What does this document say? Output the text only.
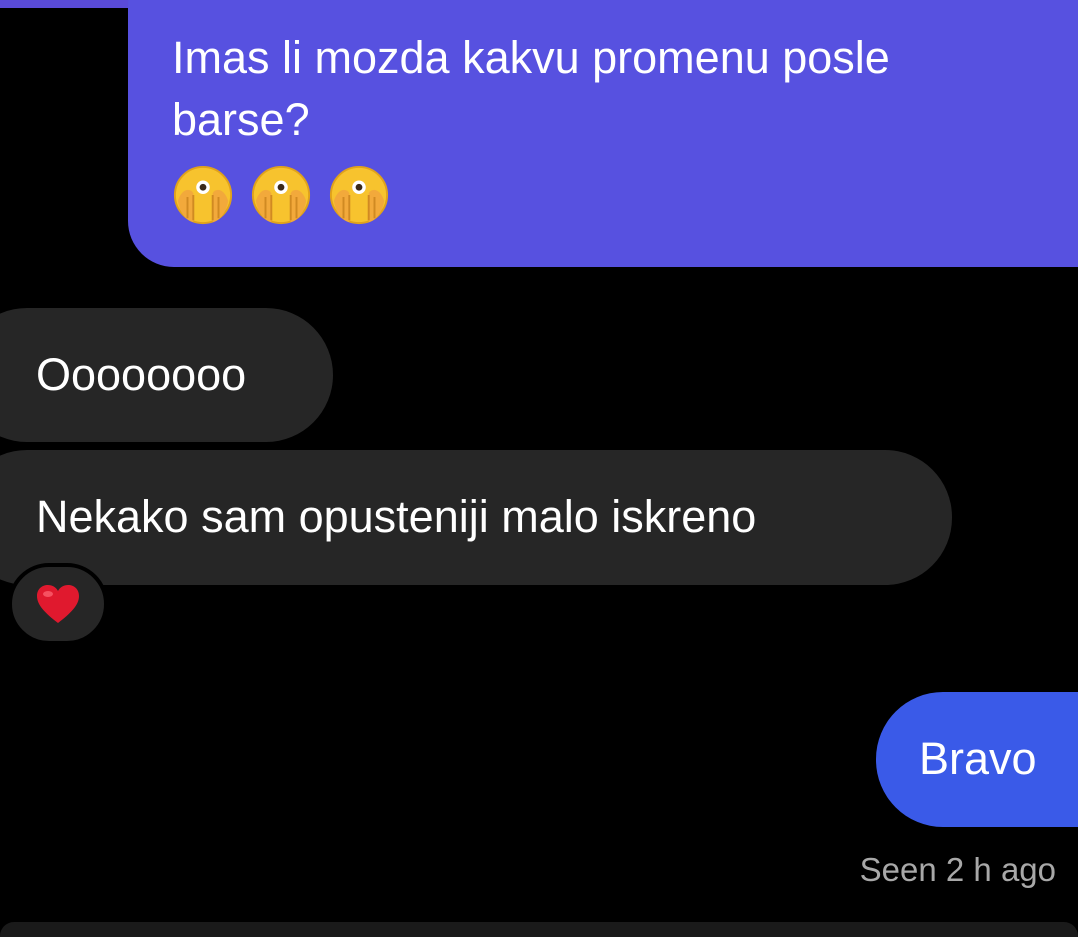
Imas li mozda kakvu promenu posle
barse?
Oooooooo
Nekako sam opusteniji malo iskreno
Bravo
Seen 2 h ago
